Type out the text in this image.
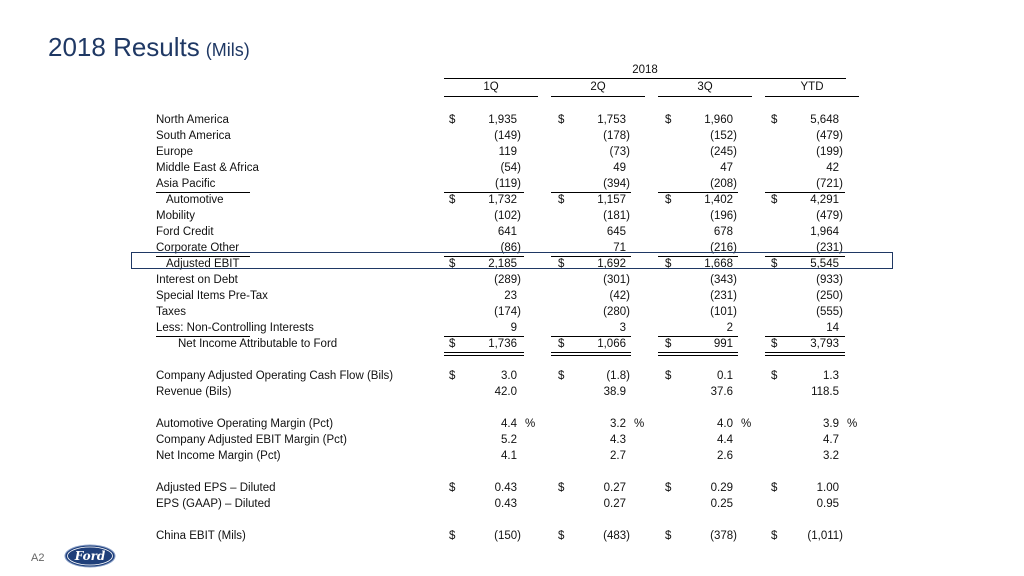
2018 Results (Mils)
2018
1Q	2Q	3Q	YTD
North America	$	1,935	$	1,753	$	1,960	$	5,648
South America	(149)	(178)	(152)	(479)
Europe	119	(73)	(245)	(199)
Middle East & Africa	(54)	49	47	42
Asia Pacific	(119)	(394)	(208)	(721)
Automotive	$	1,732	$	1,157	$	1,402	$	4,291
Mobility	(102)	(181)	(196)	(479)
Ford Credit	641	645	678	1,964
Corporate Other	(86)	71	(216)	(231)
Adjusted EBIT	$	2,185	$	1,692	$	1,668	$	5,545
Interest on Debt	(289)	(301)	(343)	(933)
Special Items Pre-Tax	23	(42)	(231)	(250)
Taxes	(174)	(280)	(101)	(555)
Less: Non-Controlling Interests	9	3	2	14
Net Income Attributable to Ford	$	1,736	$	1,066	$	991	$	3,793
Company Adjusted Operating Cash Flow (Bils)	$	3.0	$	(1.8)	$	0.1	$	1.3
Revenue (Bils)	42.0	38.9	37.6	118.5
Automotive Operating Margin (Pct)	4.4 %	3.2 %	4.0 %	3.9 %
Company Adjusted EBIT Margin (Pct)	5.2	4.3	4.4	4.7
Net Income Margin (Pct)	4.1	2.7	2.6	3.2
Adjusted EPS – Diluted	$	0.43	$	0.27	$	0.29	$	1.00
EPS (GAAP) – Diluted	0.43	0.27	0.25	0.95
China EBIT (Mils)	$	(150)	$	(483)	$	(378)	$	(1,011)
A2	Ford
